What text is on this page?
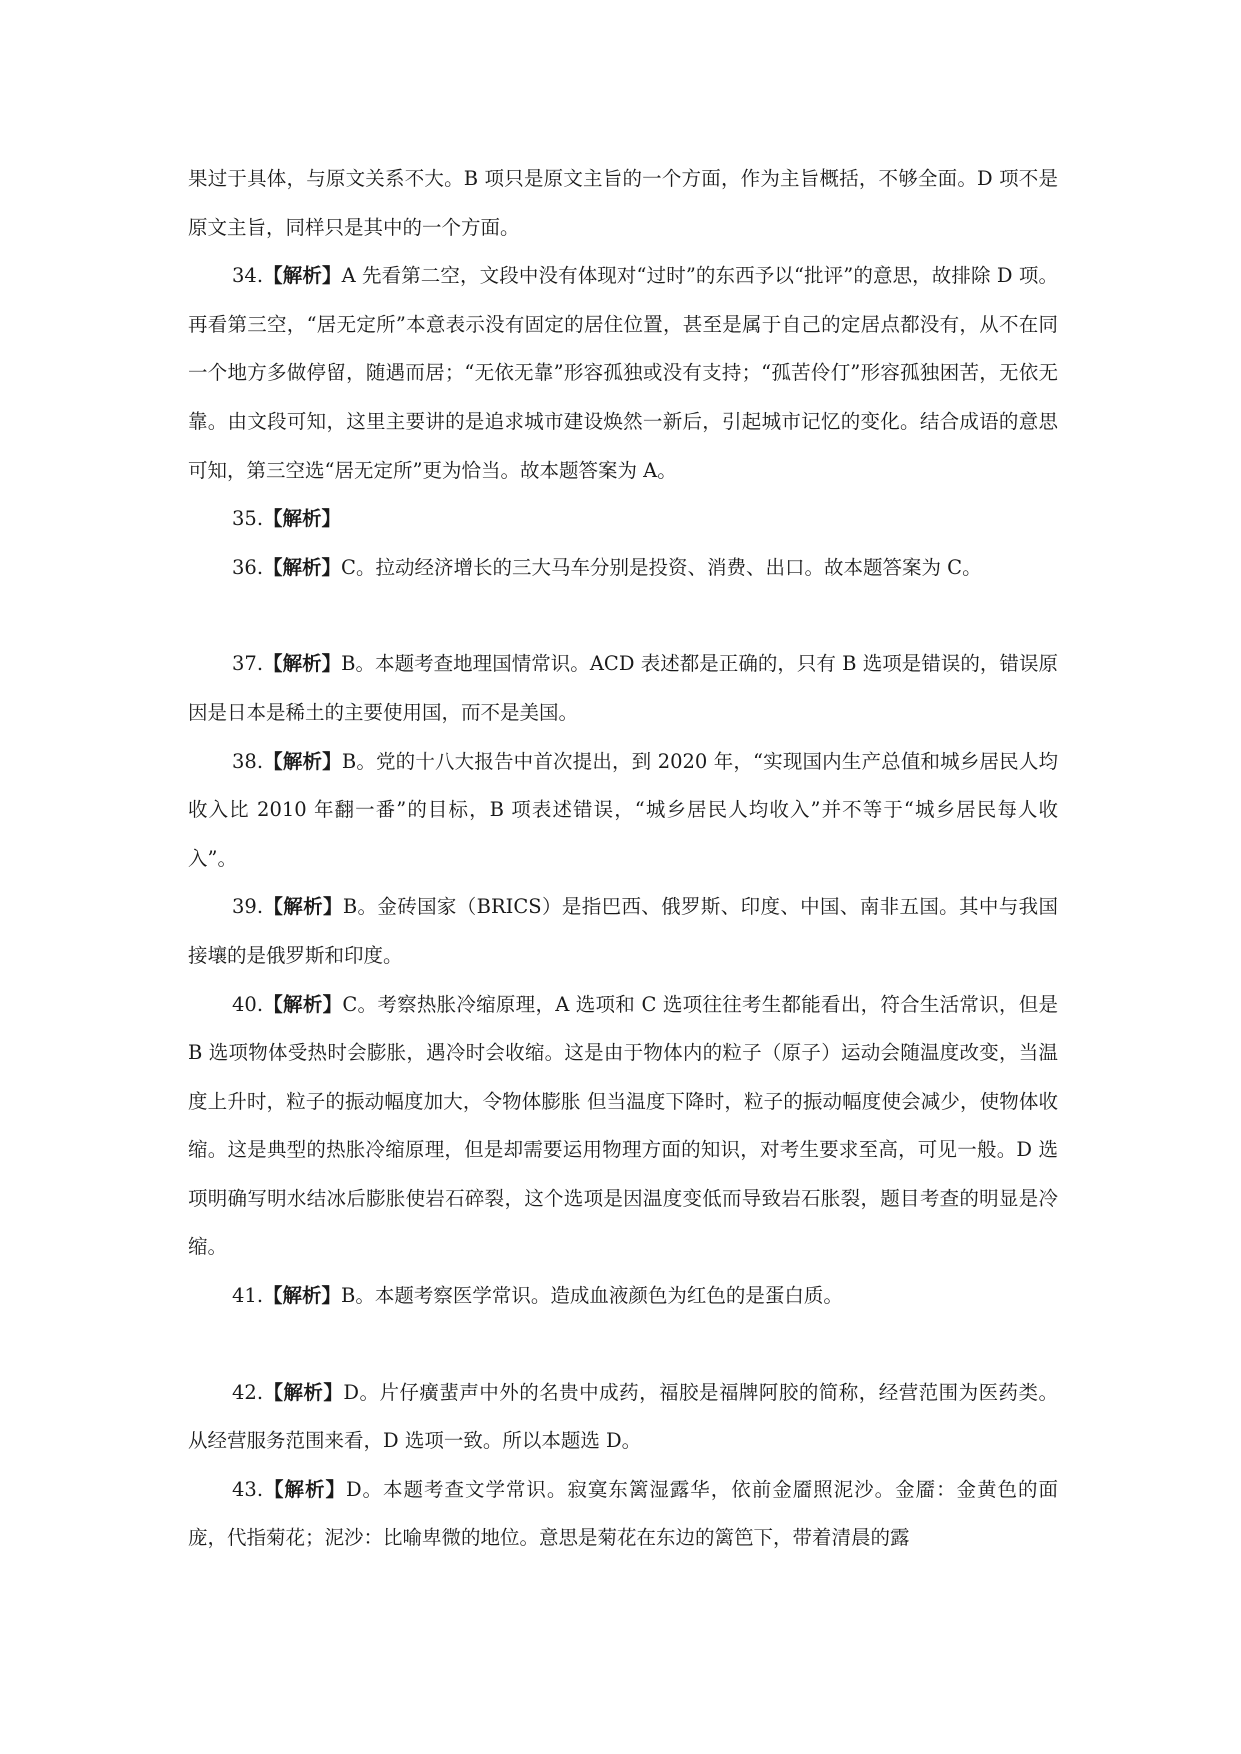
果过于具体，与原文关系不大。B 项只是原文主旨的一个方面，作为主旨概括，不够全面。D 项不是原文主旨，同样只是其中的一个方面。

34.【解析】A 先看第二空，文段中没有体现对“过时”的东西予以“批评”的意思，故排除 D 项。再看第三空，“居无定所”本意表示没有固定的居住位置，甚至是属于自己的定居点都没有，从不在同一个地方多做停留，随遇而居；“无依无靠”形容孤独或没有支持；“孤苦伶仃”形容孤独困苦，无依无靠。由文段可知，这里主要讲的是追求城市建设焕然一新后，引起城市记忆的变化。结合成语的意思可知，第三空选“居无定所”更为恰当。故本题答案为 A。

35.【解析】

36.【解析】C。拉动经济增长的三大马车分别是投资、消费、出口。故本题答案为 C。

37.【解析】B。本题考查地理国情常识。ACD 表述都是正确的，只有 B 选项是错误的，错误原因是日本是稀土的主要使用国，而不是美国。

38.【解析】B。党的十八大报告中首次提出，到 2020 年，“实现国内生产总值和城乡居民人均收入比 2010 年翻一番”的目标，B 项表述错误，“城乡居民人均收入”并不等于“城乡居民每人收入”。

39.【解析】B。金砖国家（BRICS）是指巴西、俄罗斯、印度、中国、南非五国。其中与我国接壤的是俄罗斯和印度。

40.【解析】C。考察热胀冷缩原理，A 选项和 C 选项往往考生都能看出，符合生活常识，但是 B 选项物体受热时会膨胀，遇冷时会收缩。这是由于物体内的粒子（原子）运动会随温度改变，当温度上升时，粒子的振动幅度加大，令物体膨胀 但当温度下降时，粒子的振动幅度使会减少，使物体收缩。这是典型的热胀冷缩原理，但是却需要运用物理方面的知识，对考生要求至高，可见一般。D 选项明确写明水结冰后膨胀使岩石碎裂，这个选项是因温度变低而导致岩石胀裂，题目考查的明显是冷缩。

41.【解析】B。本题考察医学常识。造成血液颜色为红色的是蛋白质。

42.【解析】D。片仔癀蜚声中外的名贵中成药，福胶是福牌阿胶的简称，经营范围为医药类。从经营服务范围来看，D 选项一致。所以本题选 D。

43.【解析】D。本题考查文学常识。寂寞东篱湿露华，依前金靥照泥沙。金靥：金黄色的面庞，代指菊花；泥沙：比喻卑微的地位。意思是菊花在东边的篱笆下，带着清晨的露
